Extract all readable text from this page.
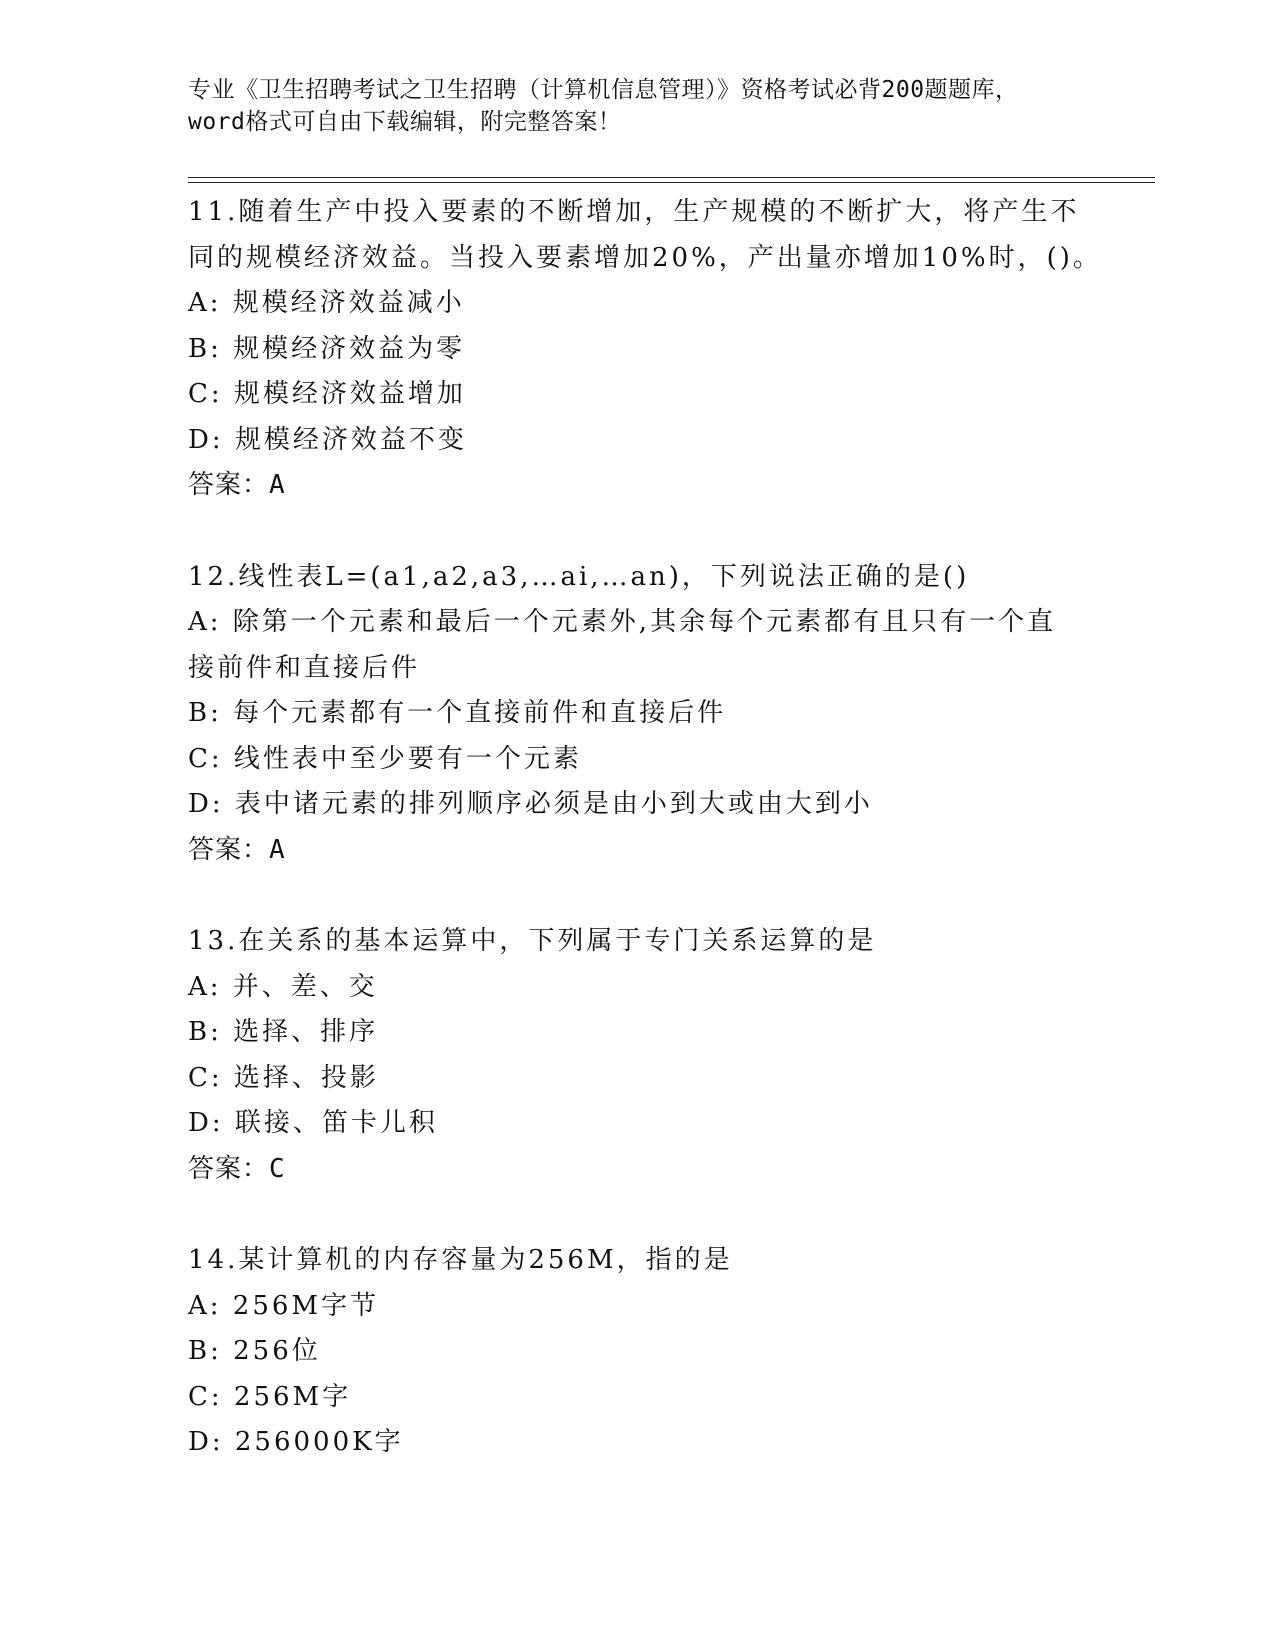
专业《卫生招聘考试之卫生招聘（计算机信息管理）》资格考试必背200题题库，
word格式可自由下载编辑，附完整答案！
11.随着生产中投入要素的不断增加，生产规模的不断扩大，将产生不
同的规模经济效益。当投入要素增加20%，产出量亦增加10%时，()。
A: 规模经济效益减小
B: 规模经济效益为零
C: 规模经济效益增加
D: 规模经济效益不变
答案：A
12.线性表L=(a1,a2,a3,…ai,…an)，下列说法正确的是()
A: 除第一个元素和最后一个元素外,其余每个元素都有且只有一个直
接前件和直接后件
B: 每个元素都有一个直接前件和直接后件
C: 线性表中至少要有一个元素
D: 表中诸元素的排列顺序必须是由小到大或由大到小
答案：A
13.在关系的基本运算中，下列属于专门关系运算的是
A: 并、差、交
B: 选择、排序
C: 选择、投影
D: 联接、笛卡儿积
答案：C
14.某计算机的内存容量为256M，指的是
A: 256M字节
B: 256位
C: 256M字
D: 256000K字
